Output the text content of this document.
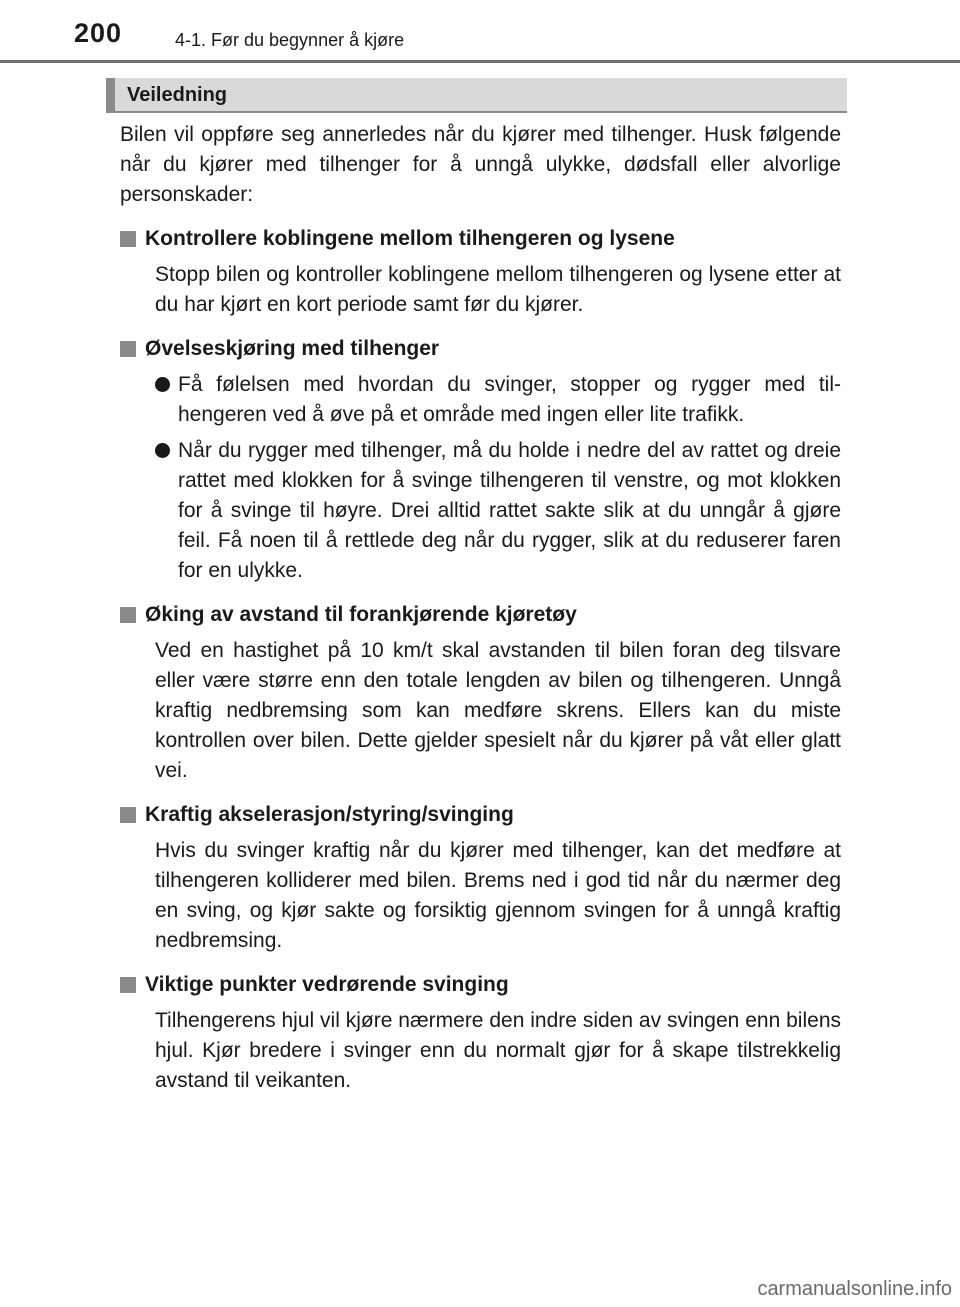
200	4-1. Før du begynner å kjøre
Veiledning

Bilen vil oppføre seg annerledes når du kjører med tilhenger. Husk følgende når du kjører med tilhenger for å unngå ulykke, dødsfall eller alvorlige personskader:

Kontrollere koblingene mellom tilhengeren og lysene

Stopp bilen og kontroller koblingene mellom tilhengeren og lysene etter at du har kjørt en kort periode samt før du kjører.

Øvelseskjøring med tilhenger

Få følelsen med hvordan du svinger, stopper og rygger med tilhengeren ved å øve på et område med ingen eller lite trafikk.

Når du rygger med tilhenger, må du holde i nedre del av rattet og dreie rattet med klokken for å svinge tilhengeren til venstre, og mot klokken for å svinge til høyre. Drei alltid rattet sakte slik at du unngår å gjøre feil. Få noen til å rettlede deg når du rygger, slik at du reduserer faren for en ulykke.

Øking av avstand til forankjørende kjøretøy

Ved en hastighet på 10 km/t skal avstanden til bilen foran deg tilsvare eller være større enn den totale lengden av bilen og tilhengeren. Unngå kraftig nedbremsing som kan medføre skrens. Ellers kan du miste kontrollen over bilen. Dette gjelder spesielt når du kjører på våt eller glatt vei.

Kraftig akselerasjon/styring/svinging

Hvis du svinger kraftig når du kjører med tilhenger, kan det medføre at tilhengeren kolliderer med bilen. Brems ned i god tid når du nærmer deg en sving, og kjør sakte og forsiktig gjennom svingen for å unngå kraftig nedbremsing.

Viktige punkter vedrørende svinging

Tilhengerens hjul vil kjøre nærmere den indre siden av svingen enn bilens hjul. Kjør bredere i svinger enn du normalt gjør for å skape tilstrekkelig avstand til veikanten.

carmanualsonline.info
